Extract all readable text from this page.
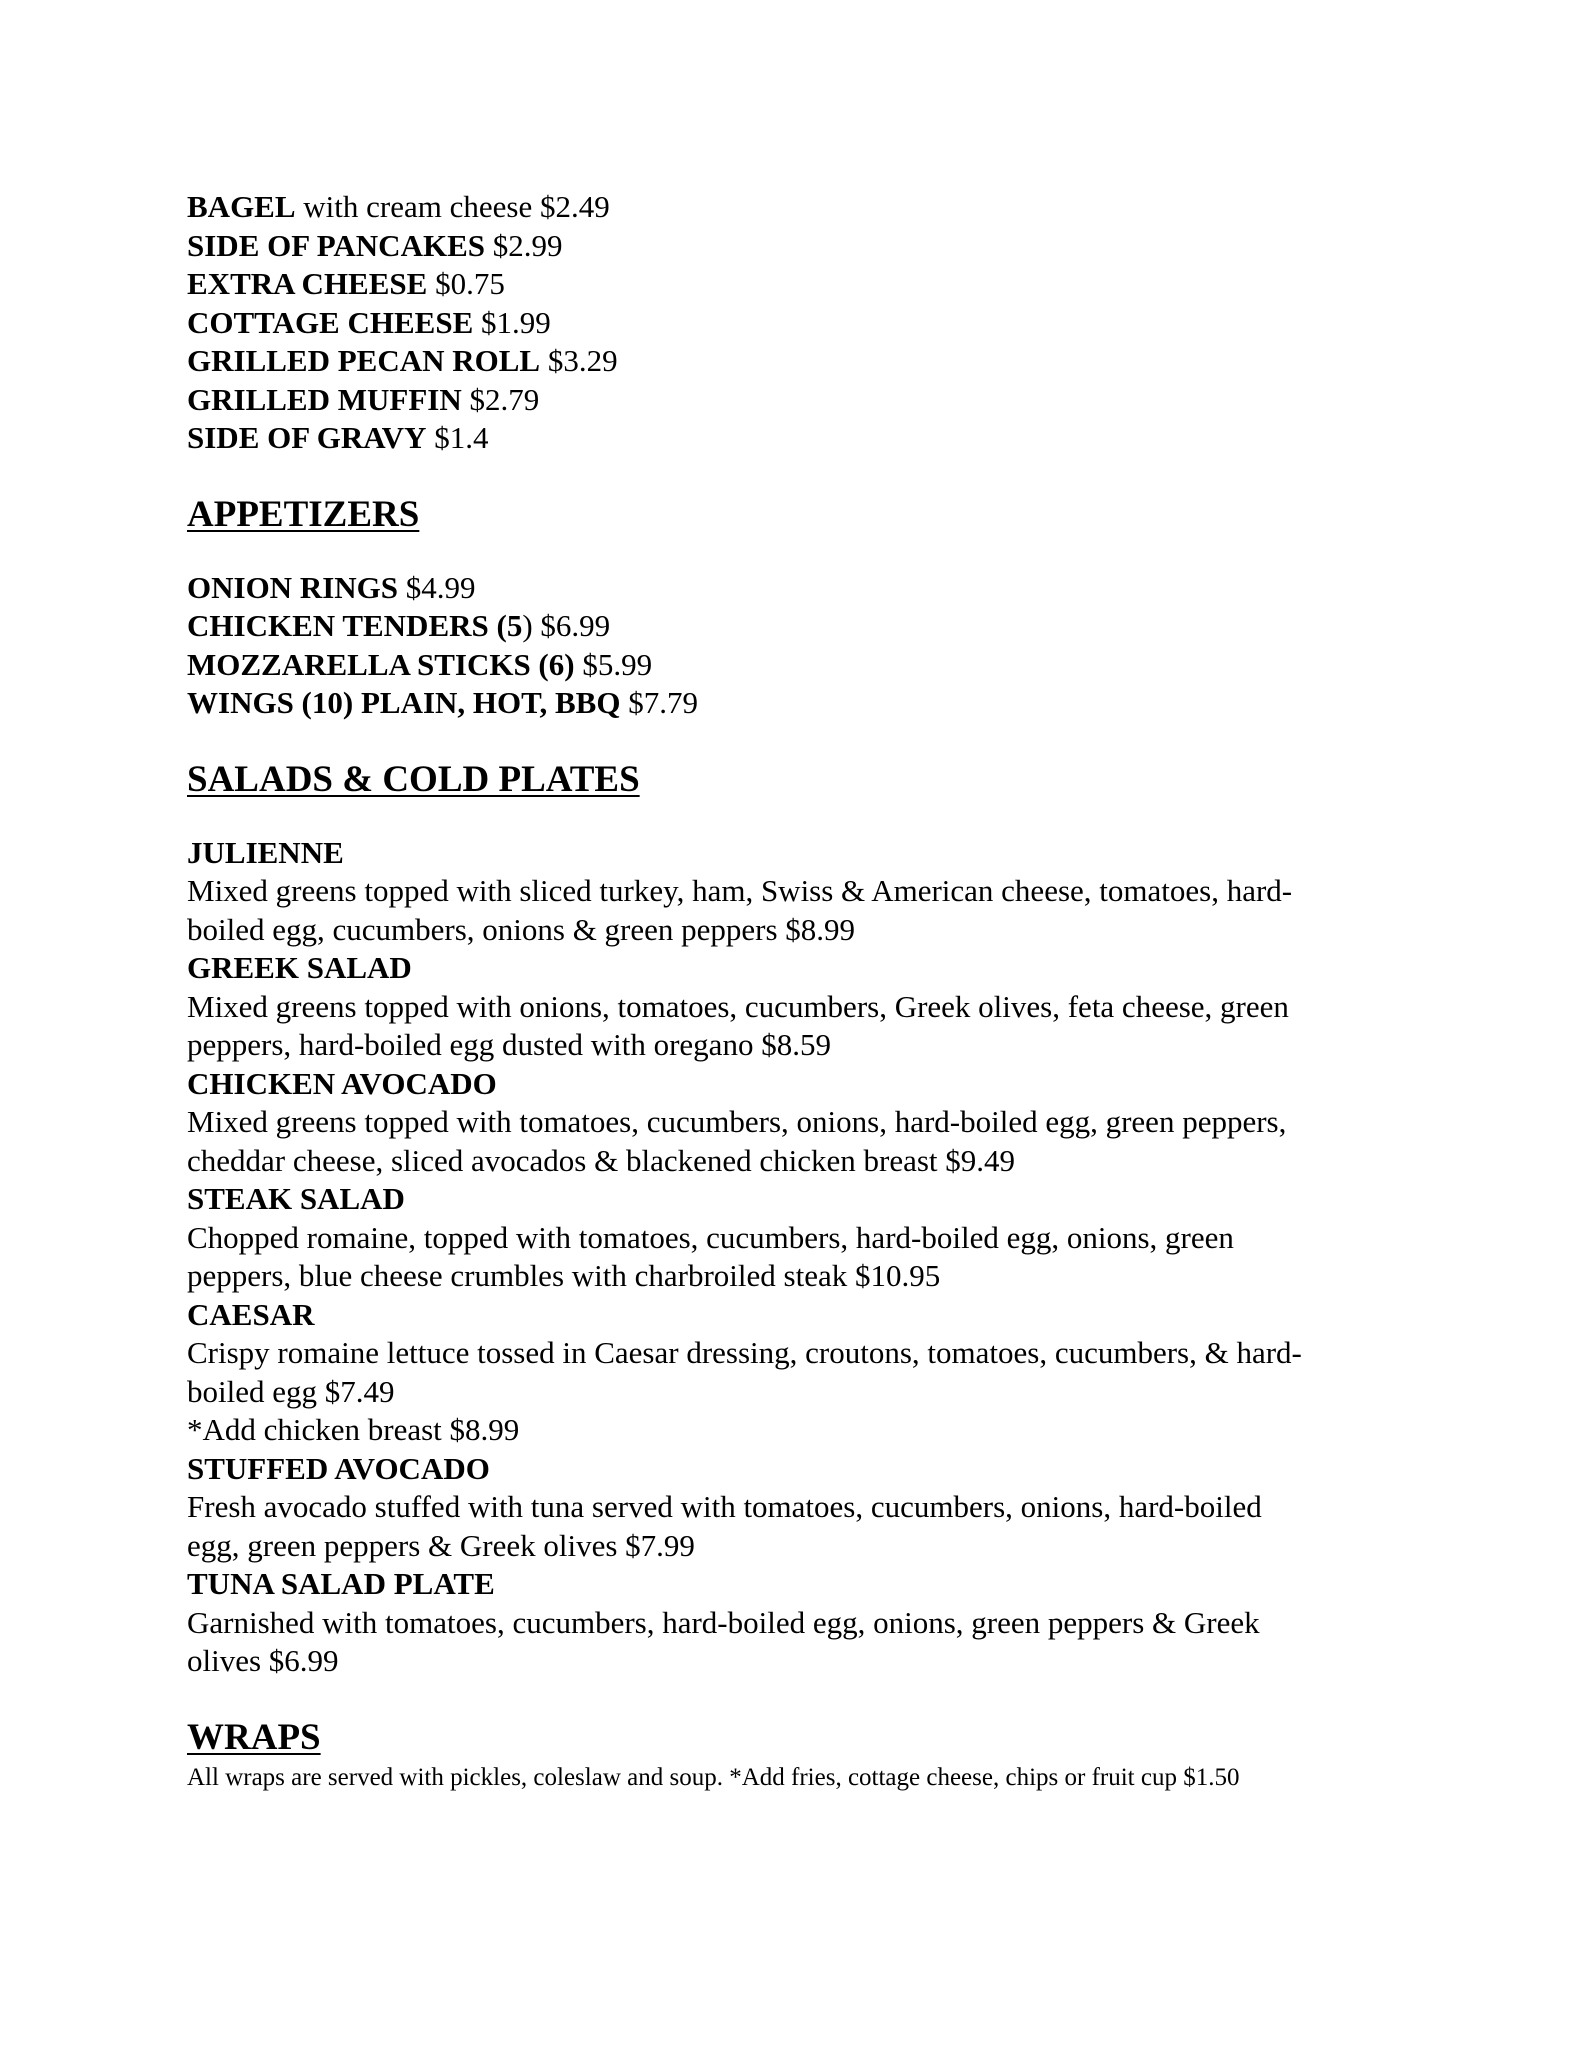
BAGEL with cream cheese $2.49
SIDE OF PANCAKES $2.99
EXTRA CHEESE $0.75
COTTAGE CHEESE $1.99
GRILLED PECAN ROLL $3.29
GRILLED MUFFIN $2.79
SIDE OF GRAVY $1.4
APPETIZERS
ONION RINGS $4.99
CHICKEN TENDERS (5) $6.99
MOZZARELLA STICKS (6) $5.99
WINGS (10) PLAIN, HOT, BBQ $7.79
SALADS & COLD PLATES
JULIENNE
Mixed greens topped with sliced turkey, ham, Swiss & American cheese, tomatoes, hard-
boiled egg, cucumbers, onions & green peppers $8.99
GREEK SALAD
Mixed greens topped with onions, tomatoes, cucumbers, Greek olives, feta cheese, green
peppers, hard-boiled egg dusted with oregano $8.59
CHICKEN AVOCADO
Mixed greens topped with tomatoes, cucumbers, onions, hard-boiled egg, green peppers,
cheddar cheese, sliced avocados & blackened chicken breast $9.49
STEAK SALAD
Chopped romaine, topped with tomatoes, cucumbers, hard-boiled egg, onions, green
peppers, blue cheese crumbles with charbroiled steak $10.95
CAESAR
Crispy romaine lettuce tossed in Caesar dressing, croutons, tomatoes, cucumbers, & hard-
boiled egg $7.49
*Add chicken breast $8.99
STUFFED AVOCADO
Fresh avocado stuffed with tuna served with tomatoes, cucumbers, onions, hard-boiled
egg, green peppers & Greek olives $7.99
TUNA SALAD PLATE
Garnished with tomatoes, cucumbers, hard-boiled egg, onions, green peppers & Greek
olives $6.99
WRAPS
All wraps are served with pickles, coleslaw and soup. *Add fries, cottage cheese, chips or fruit cup $1.50
